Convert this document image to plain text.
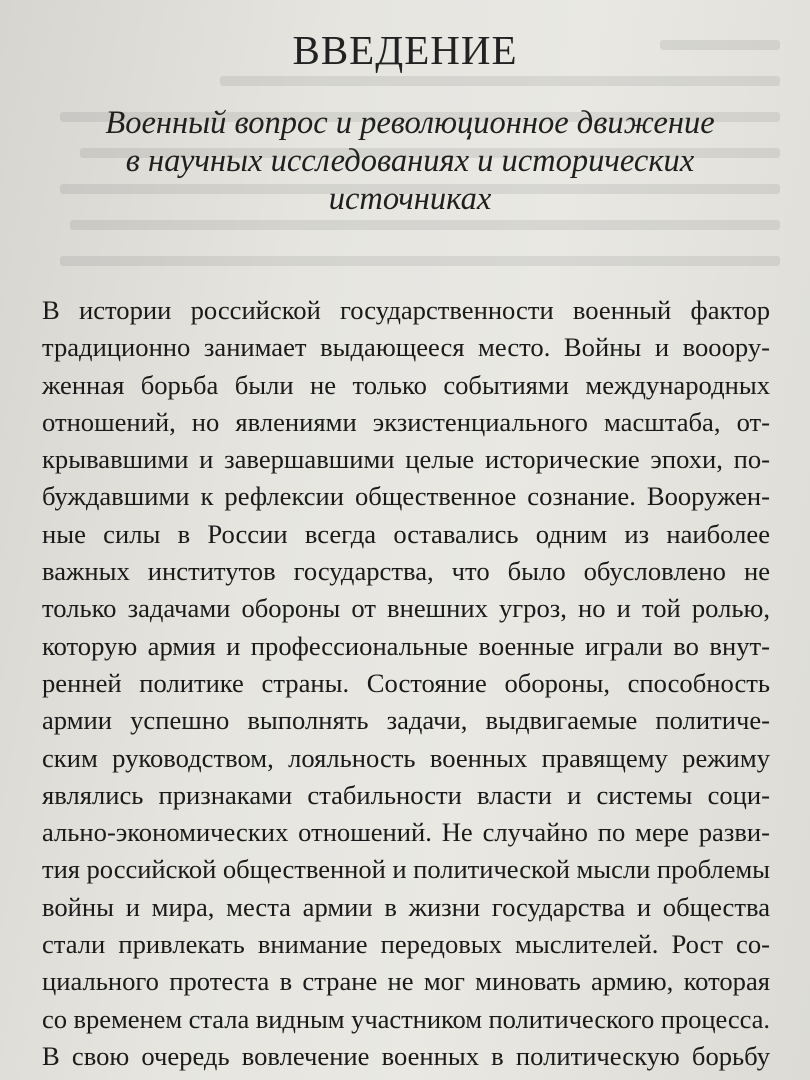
ВВЕДЕНИЕ
Военный вопрос и революционное движение
в научных исследованиях и исторических
источниках
В истории российской государственности военный фактор
традиционно занимает выдающееся место. Войны и вооору-
женная борьба были не только событиями международных
отношений, но явлениями экзистенциального масштаба, от-
крывавшими и завершавшими целые исторические эпохи, по-
буждавшими к рефлексии общественное сознание. Вооружен-
ные силы в России всегда оставались одним из наиболее
важных институтов государства, что было обусловлено не
только задачами обороны от внешних угроз, но и той ролью,
которую армия и профессиональные военные играли во внут-
ренней политике страны. Состояние обороны, способность
армии успешно выполнять задачи, выдвигаемые политиче-
ским руководством, лояльность военных правящему режиму
являлись признаками стабильности власти и системы соци-
ально-экономических отношений. Не случайно по мере разви-
тия российской общественной и политической мысли проблемы
войны и мира, места армии в жизни государства и общества
стали привлекать внимание передовых мыслителей. Рост со-
циального протеста в стране не мог миновать армию, которая
со временем стала видным участником политического процесса.
В свою очередь вовлечение военных в политическую борьбу
